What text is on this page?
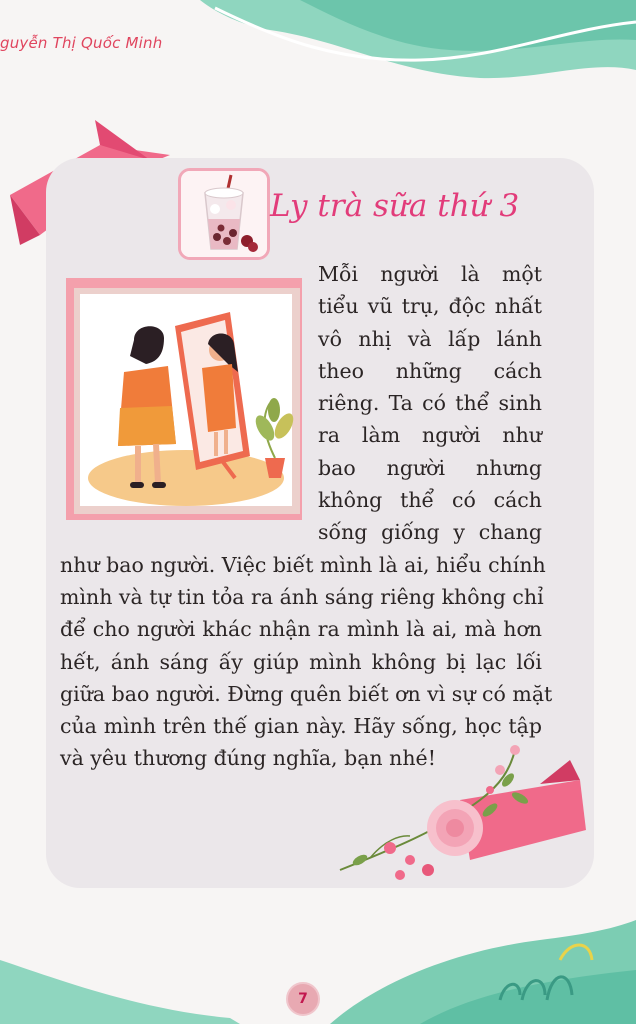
guyễn Thị Quốc Minh
Ly trà sữa thứ 3
Mỗi người là một
tiểu vũ trụ, độc nhất
vô nhị và lấp lánh
theo những cách
riêng. Ta có thể sinh
ra làm người như
bao người nhưng
không thể có cách
sống giống y chang
như bao người. Việc biết mình là ai, hiểu chính
mình và tự tin tỏa ra ánh sáng riêng không chỉ
để cho người khác nhận ra mình là ai, mà hơn
hết, ánh sáng ấy giúp mình không bị lạc lối
giữa bao người. Đừng quên biết ơn vì sự có mặt
của mình trên thế gian này. Hãy sống, học tập
và yêu thương đúng nghĩa, bạn nhé!
7
